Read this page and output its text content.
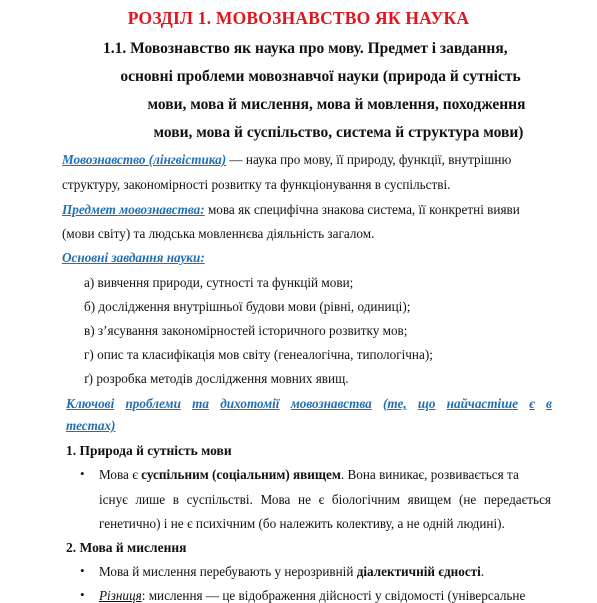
РОЗДІЛ 1. МОВОЗНАВСТВО ЯК НАУКА
1.1. Мовознавство як наука про мову. Предмет і завдання,
основні проблеми мовознавчої науки (природа й сутність
мови, мова й мислення, мова й мовлення, походження
мови, мова й суспільство, система й структура мови)
Мовознавство (лінгвістика) — наука про мову, її природу, функції, внутрішню
структуру, закономірності розвитку та функціонування в суспільстві.
Предмет мовознавства: мова як специфічна знакова система, її конкретні вияви
(мови світу) та людська мовленнєва діяльність загалом.
Основні завдання науки:
а) вивчення природи, сутності та функцій мови;
б) дослідження внутрішньої будови мови (рівні, одиниці);
в) з’ясування закономірностей історичного розвитку мов;
г) опис та класифікація мов світу (генеалогічна, типологічна);
ґ) розробка методів дослідження мовних явищ.
Ключові проблеми та дихотомії мовознавства (те, що найчастіше є в
тестах)
1. Природа й сутність мови
• Мова є суспільним (соціальним) явищем. Вона виникає, розвивається та
існує лише в суспільстві. Мова не є біологічним явищем (не передається
генетично) і не є психічним (бо належить колективу, а не одній людині).
2. Мова й мислення
• Мова й мислення перебувають у нерозривній діалектичній єдності.
• Різниця: мислення — це відображення дійсності у свідомості (універсальне
